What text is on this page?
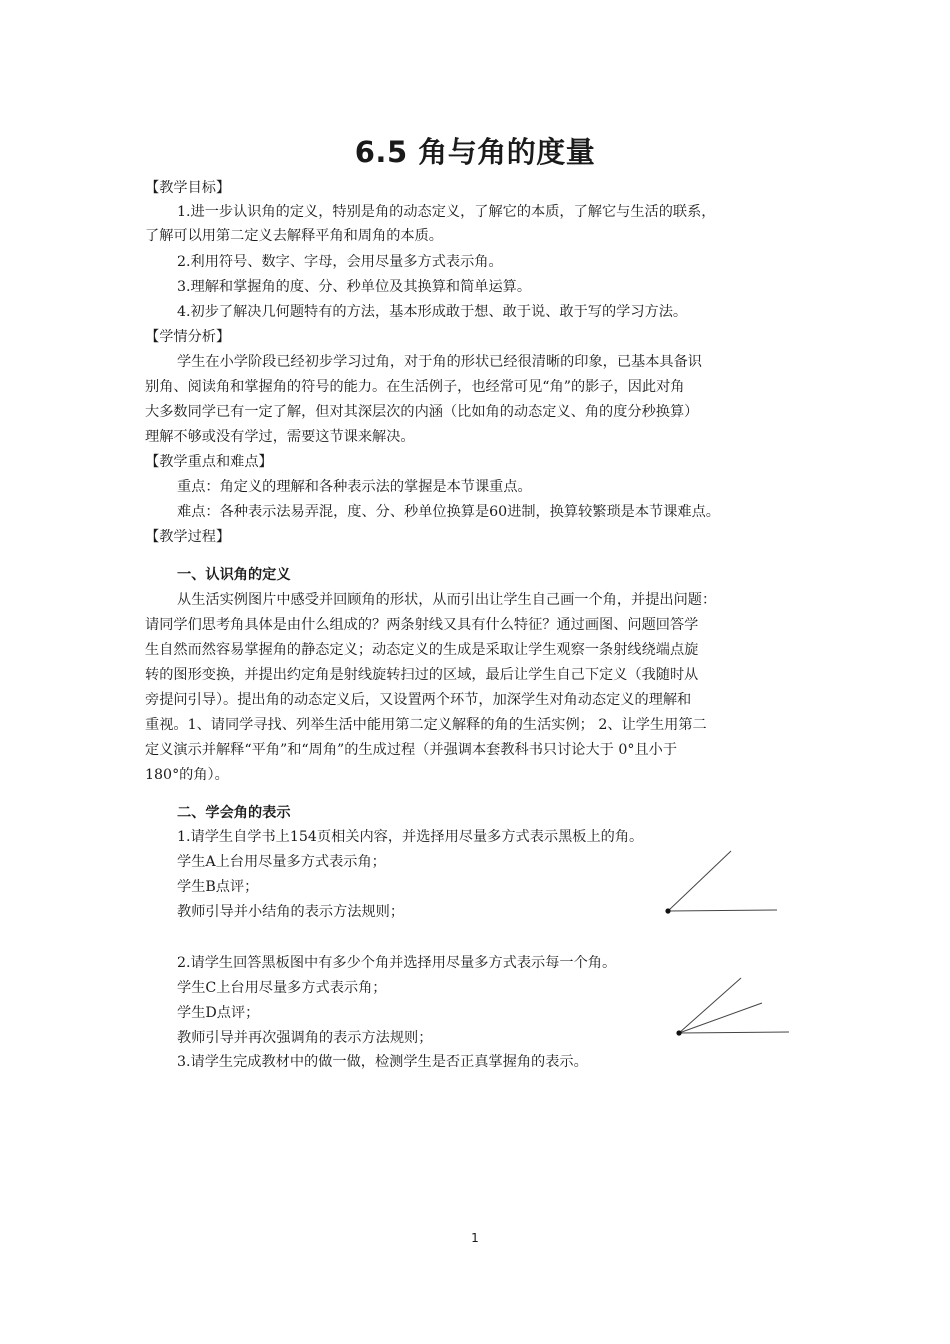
6.5 角与角的度量
【教学目标】
1.进一步认识角的定义，特别是角的动态定义，了解它的本质，了解它与生活的联系，
了解可以用第二定义去解释平角和周角的本质。
2.利用符号、数字、字母，会用尽量多方式表示角。
3.理解和掌握角的度、分、秒单位及其换算和简单运算。
4.初步了解决几何题特有的方法，基本形成敢于想、敢于说、敢于写的学习方法。
【学情分析】
学生在小学阶段已经初步学习过角，对于角的形状已经很清晰的印象，已基本具备识
别角、阅读角和掌握角的符号的能力。在生活例子，也经常可见“角”的影子，因此对角
大多数同学已有一定了解，但对其深层次的内涵（比如角的动态定义、角的度分秒换算）
理解不够或没有学过，需要这节课来解决。
【教学重点和难点】
重点：角定义的理解和各种表示法的掌握是本节课重点。
难点：各种表示法易弄混，度、分、秒单位换算是60进制，换算较繁琐是本节课难点。
【教学过程】
一、认识角的定义
从生活实例图片中感受并回顾角的形状，从而引出让学生自己画一个角，并提出问题：
请同学们思考角具体是由什么组成的？两条射线又具有什么特征？通过画图、问题回答学
生自然而然容易掌握角的静态定义；动态定义的生成是采取让学生观察一条射线绕端点旋
转的图形变换，并提出约定角是射线旋转扫过的区域，最后让学生自己下定义（我随时从
旁提问引导）。提出角的动态定义后，又设置两个环节，加深学生对角动态定义的理解和
重视。1、请同学寻找、列举生活中能用第二定义解释的角的生活实例； 2、让学生用第二
定义演示并解释“平角”和“周角”的生成过程（并强调本套教科书只讨论大于 0°且小于
180°的角）。
二、学会角的表示
1.请学生自学书上154页相关内容，并选择用尽量多方式表示黑板上的角。
学生A上台用尽量多方式表示角；
学生B点评；
教师引导并小结角的表示方法规则；
2.请学生回答黑板图中有多少个角并选择用尽量多方式表示每一个角。
学生C上台用尽量多方式表示角；
学生D点评；
教师引导并再次强调角的表示方法规则；
3.请学生完成教材中的做一做，检测学生是否正真掌握角的表示。
1
